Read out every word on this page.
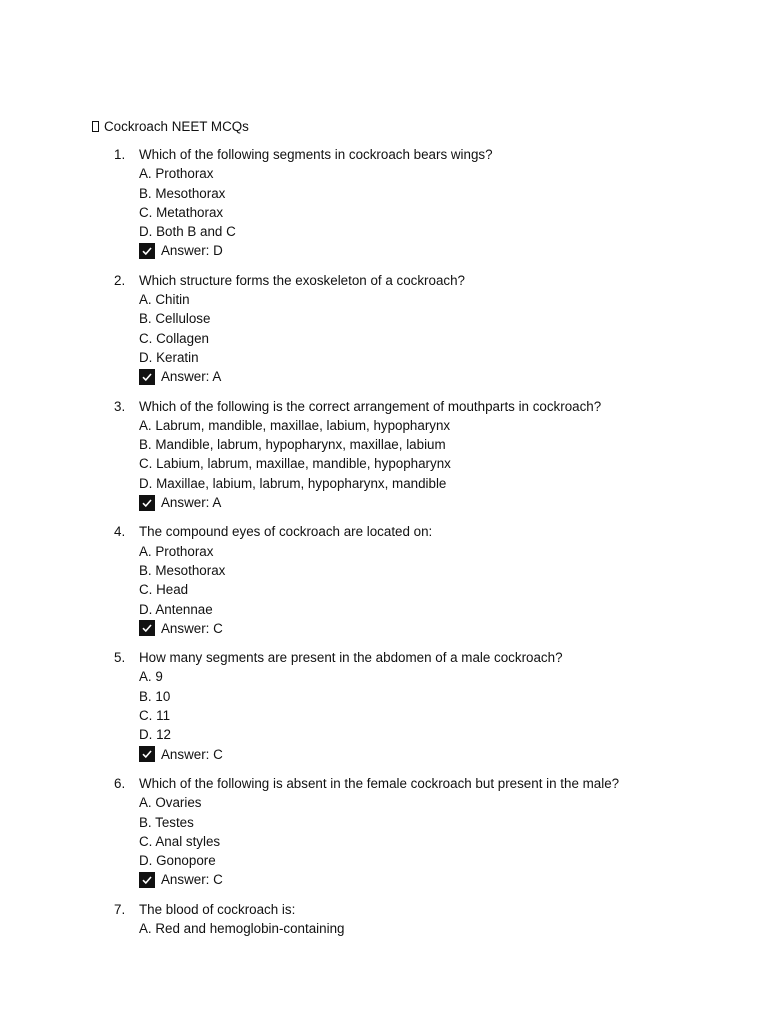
Cockroach NEET MCQs
1. Which of the following segments in cockroach bears wings?
A. Prothorax
B. Mesothorax
C. Metathorax
D. Both B and C
Answer: D
2. Which structure forms the exoskeleton of a cockroach?
A. Chitin
B. Cellulose
C. Collagen
D. Keratin
Answer: A
3. Which of the following is the correct arrangement of mouthparts in cockroach?
A. Labrum, mandible, maxillae, labium, hypopharynx
B. Mandible, labrum, hypopharynx, maxillae, labium
C. Labium, labrum, maxillae, mandible, hypopharynx
D. Maxillae, labium, labrum, hypopharynx, mandible
Answer: A
4. The compound eyes of cockroach are located on:
A. Prothorax
B. Mesothorax
C. Head
D. Antennae
Answer: C
5. How many segments are present in the abdomen of a male cockroach?
A. 9
B. 10
C. 11
D. 12
Answer: C
6. Which of the following is absent in the female cockroach but present in the male?
A. Ovaries
B. Testes
C. Anal styles
D. Gonopore
Answer: C
7. The blood of cockroach is:
A. Red and hemoglobin-containing
